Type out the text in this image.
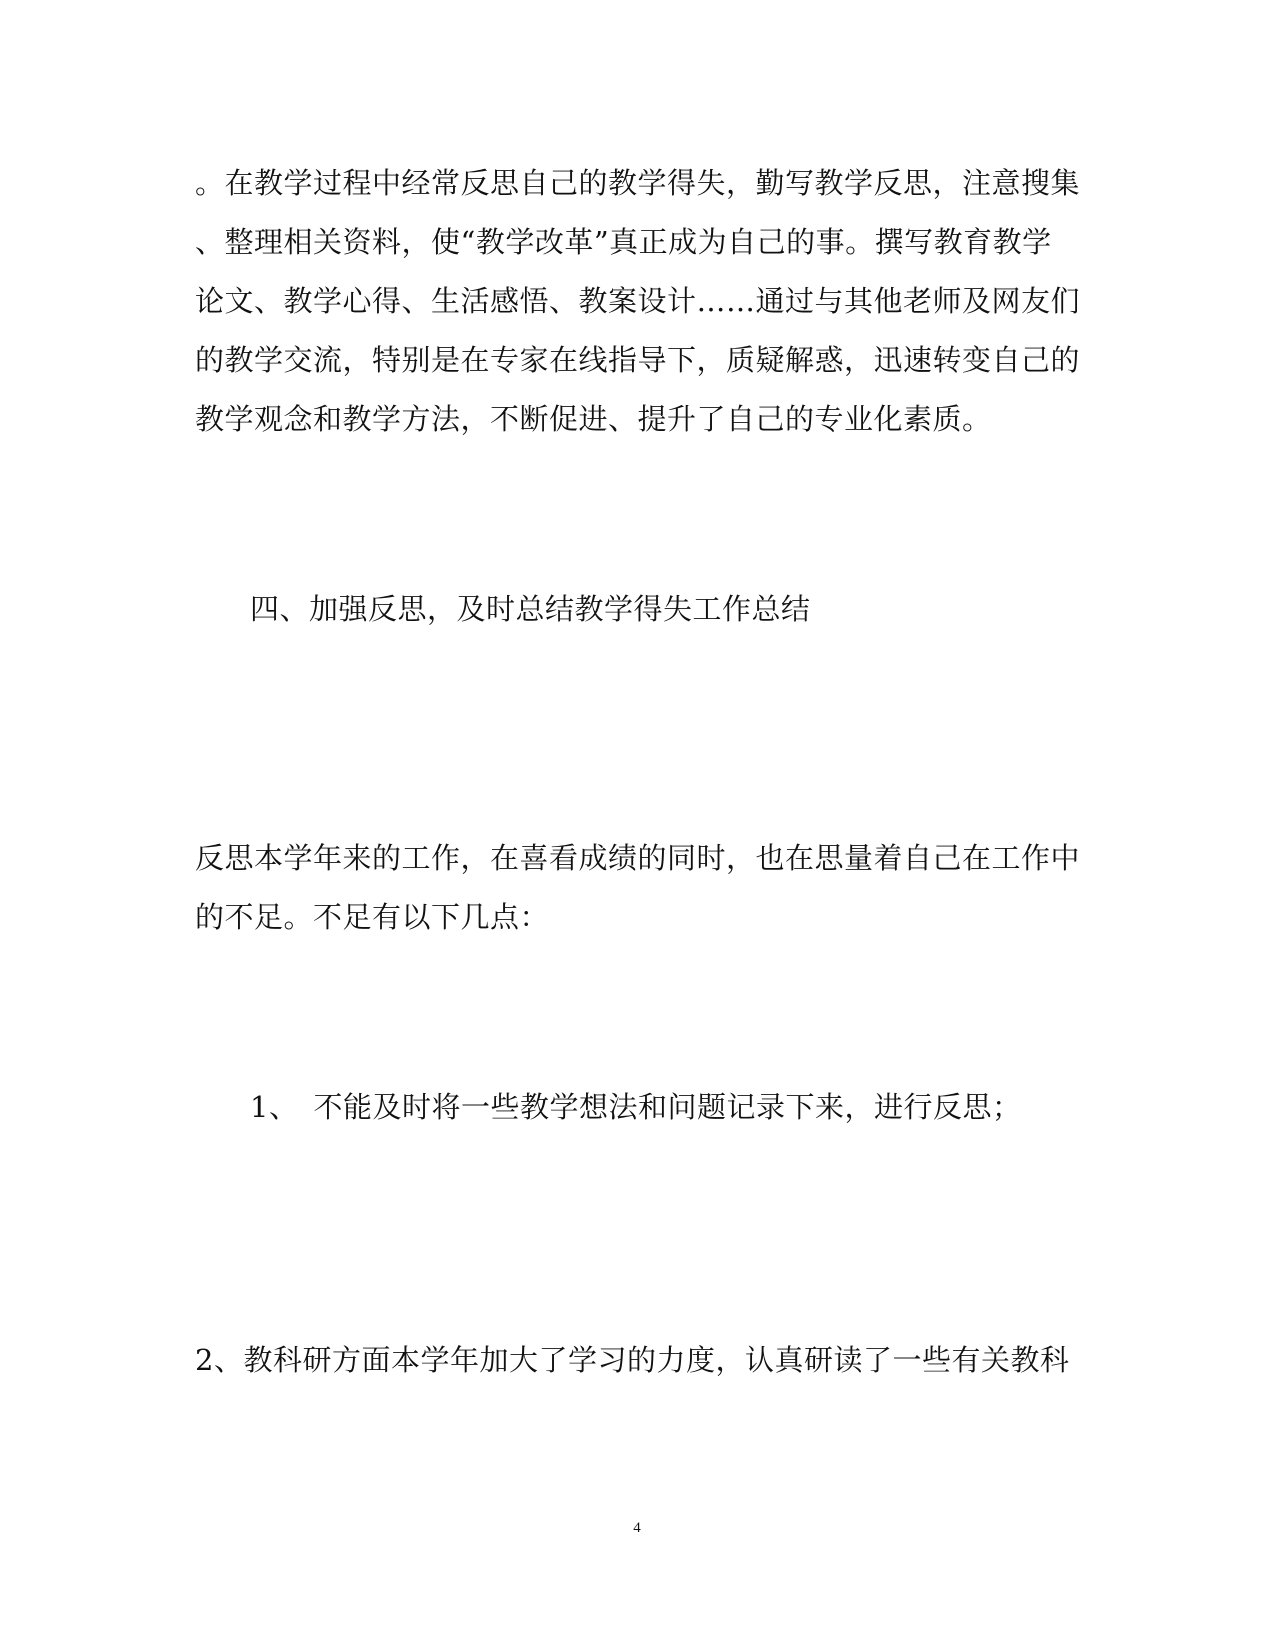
。在教学过程中经常反思自己的教学得失，勤写教学反思，注意搜集
、整理相关资料，使“教学改革”真正成为自己的事。撰写教育教学
论文、教学心得、生活感悟、教案设计……通过与其他老师及网友们
的教学交流，特别是在专家在线指导下，质疑解惑，迅速转变自己的
教学观念和教学方法，不断促进、提升了自己的专业化素质。
四、加强反思，及时总结教学得失工作总结
反思本学年来的工作，在喜看成绩的同时，也在思量着自己在工作中
的不足。不足有以下几点：
1、　不能及时将一些教学想法和问题记录下来，进行反思；
2、教科研方面本学年加大了学习的力度，认真研读了一些有关教科
4
